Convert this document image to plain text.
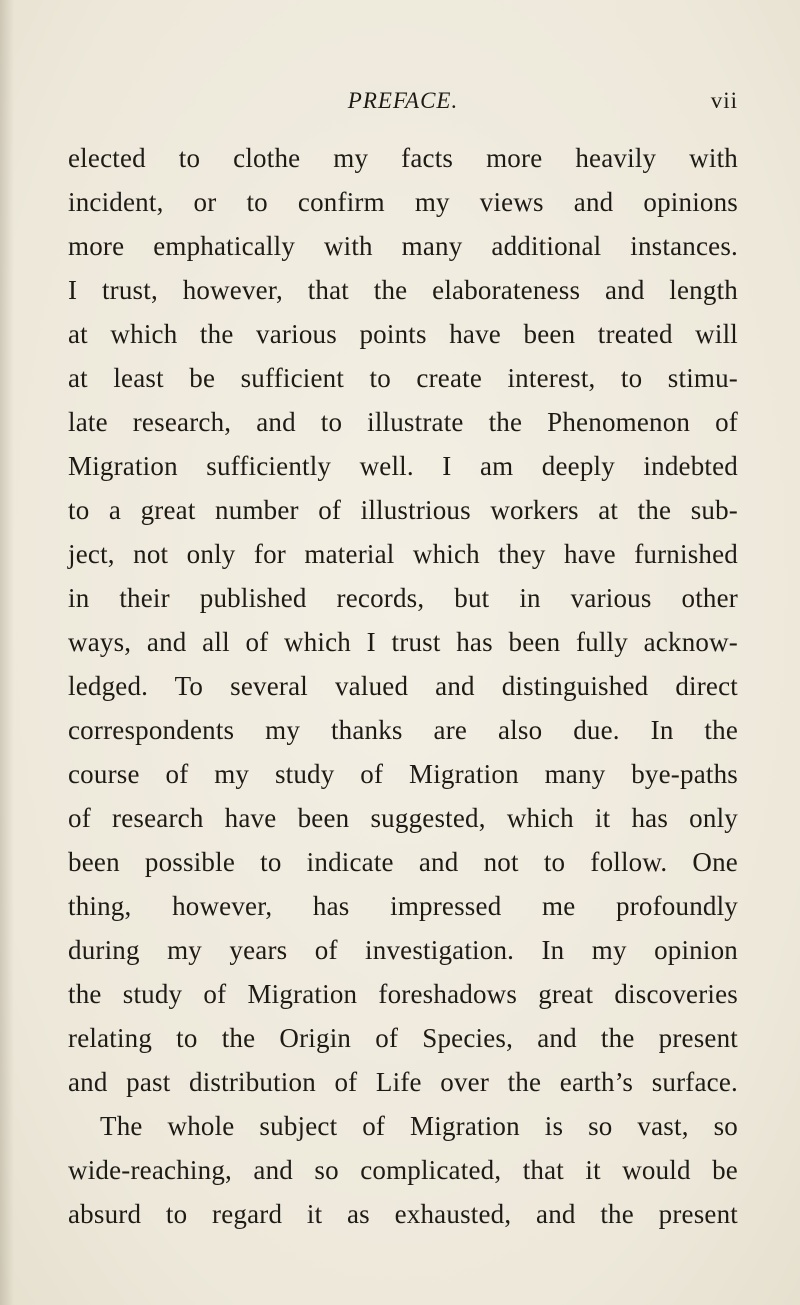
PREFACE.	vii
elected to clothe my facts more heavily with
incident, or to confirm my views and opinions
more emphatically with many additional instances.
I trust, however, that the elaborateness and length
at which the various points have been treated will
at least be sufficient to create interest, to stimu-
late research, and to illustrate the Phenomenon of
Migration sufficiently well. I am deeply indebted
to a great number of illustrious workers at the sub-
ject, not only for material which they have furnished
in their published records, but in various other
ways, and all of which I trust has been fully acknow-
ledged. To several valued and distinguished direct
correspondents my thanks are also due. In the
course of my study of Migration many bye-paths
of research have been suggested, which it has only
been possible to indicate and not to follow. One
thing, however, has impressed me profoundly
during my years of investigation. In my opinion
the study of Migration foreshadows great discoveries
relating to the Origin of Species, and the present
and past distribution of Life over the earth’s surface.
The whole subject of Migration is so vast, so
wide-reaching, and so complicated, that it would be
absurd to regard it as exhausted, and the present
